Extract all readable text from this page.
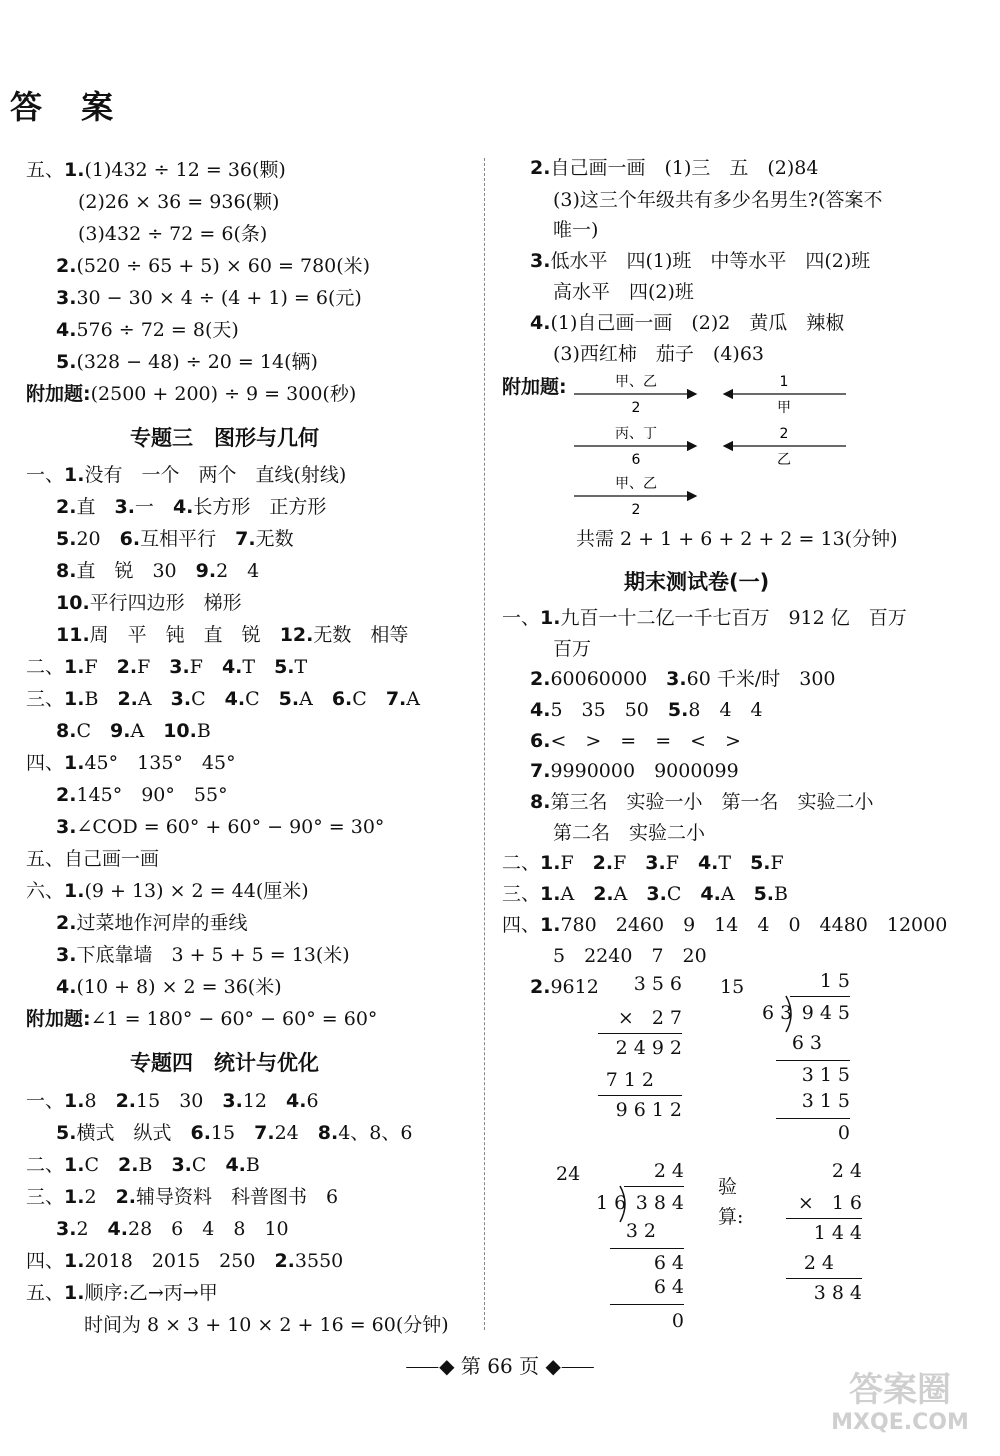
答 案
五、1.(1)432 ÷ 12 = 36(颗)
(2)26 × 36 = 936(颗)
(3)432 ÷ 72 = 6(条)
2.(520 ÷ 65 + 5) × 60 = 780(米)
3.30 − 30 × 4 ÷ (4 + 1) = 6(元)
4.576 ÷ 72 = 8(天)
5.(328 − 48) ÷ 20 = 14(辆)
附加题:(2500 + 200) ÷ 9 = 300(秒)
专题三　图形与几何
一、1.没有　一个　两个　直线(射线)
2.直　3.一　4.长方形　正方形
5.20　6.互相平行　7.无数
8.直　锐　30　9.2　4
10.平行四边形　梯形
11.周　平　钝　直　锐　12.无数　相等
二、1.F　2.F　3.F　4.T　5.T
三、1.B　2.A　3.C　4.C　5.A　6.C　7.A
8.C　9.A　10.B
四、1.45°　135°　45°
2.145°　90°　55°
3.∠COD = 60° + 60° − 90° = 30°
五、自己画一画
六、1.(9 + 13) × 2 = 44(厘米)
2.过菜地作河岸的垂线
3.下底靠墙　3 + 5 + 5 = 13(米)
4.(10 + 8) × 2 = 36(米)
附加题:∠1 = 180° − 60° − 60° = 60°
专题四　统计与优化
一、1.8　2.15　30　3.12　4.6
5.横式　纵式　6.15　7.24　8.4、8、6
二、1.C　2.B　3.C　4.B
三、1.2　2.辅导资料　科普图书　6
3.2　4.28　6　4　8　10
四、1.2018　2015　250　2.3550
五、1.顺序:乙→丙→甲
时间为 8 × 3 + 10 × 2 + 16 = 60(分钟)
2.自己画一画　(1)三　五　(2)84
(3)这三个年级共有多少名男生?(答案不
唯一)
3.低水平　四(1)班　中等水平　四(2)班
高水平　四(2)班
4.(1)自己画一画　(2)2　黄瓜　辣椒
(3)西红柿　茄子　(4)63
附加题:	甲、乙
2
1
甲
丙、丁
6
2
乙
甲、乙
2
共需 2 + 1 + 6 + 2 + 2 = 13(分钟)
期末测试卷(一)
一、1.九百一十二亿一千七百万　912 亿　百万
百万
2.60060000　3.60 千米/时　300
4.5　35　50　5.8　4　4
6.<　>　=　=　<　>
7.9990000　9000099
8.第三名　实验一小　第一名　实验二小
第二名　实验二小
二、1.F　2.F　3.F　4.T　5.F
三、1.A　2.A　3.C　4.A　5.B
四、1.780　2460　9　14　4　0　4480　12000
5　2240　7　20
2.9612 356
× 27
2492
712
9612
15	15
63 945
63
315
315
0
24	24
16 384
32
64
64
0
验算:
24
× 16
144
24
384
⸺◆ 第 66 页 ◆⸺
答案圈
MXQE.COM
